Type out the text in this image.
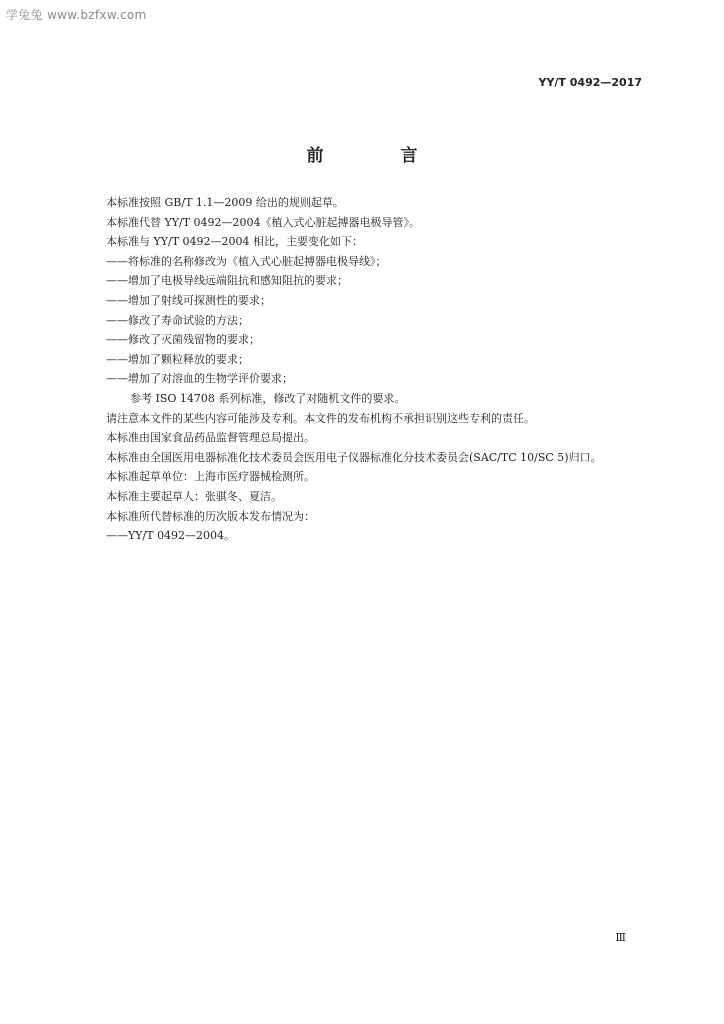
学兔兔 www.bzfxw.com
YY/T 0492—2017
前　言

本标准按照 GB/T 1.1—2009 给出的规则起草。

本标准代替 YY/T 0492—2004《植入式心脏起搏器电极导管》。

本标准与 YY/T 0492—2004 相比，主要变化如下：

——将标准的名称修改为《植入式心脏起搏器电极导线》；

——增加了电极导线远端阻抗和感知阻抗的要求；

——增加了射线可探测性的要求；

——修改了寿命试验的方法；

——修改了灭菌残留物的要求；

——增加了颗粒释放的要求；

——增加了对溶血的生物学评价要求；

参考 ISO 14708 系列标准，修改了对随机文件的要求。

请注意本文件的某些内容可能涉及专利。本文件的发布机构不承担识别这些专利的责任。

本标准由国家食品药品监督管理总局提出。

本标准由全国医用电器标准化技术委员会医用电子仪器标准化分技术委员会(SAC/TC 10/SC 5)归口。

本标准起草单位：上海市医疗器械检测所。

本标准主要起草人：张骐冬、夏洁。

本标准所代替标准的历次版本发布情况为：

——YY/T 0492—2004。

Ⅲ
